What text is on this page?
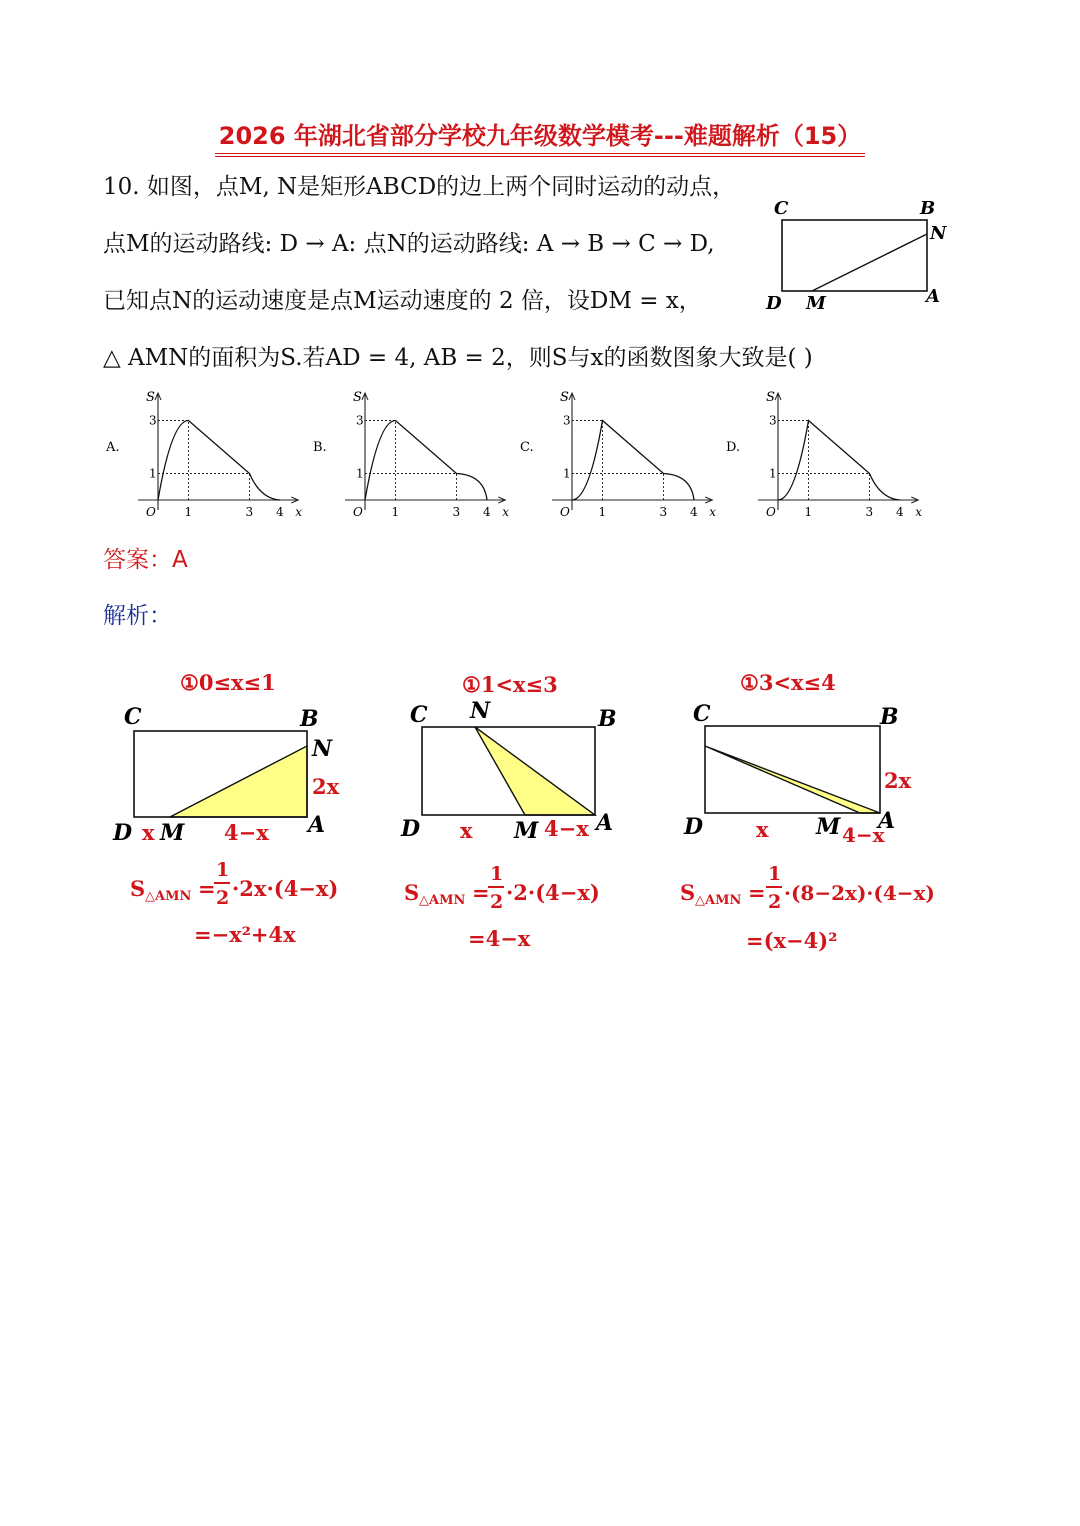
2026 年湖北省部分学校九年级数学模考---难题解析（15）
10. 如图，点M, N是矩形ABCD的边上两个同时运动的动点，
点M的运动路线: D → A: 点N的运动路线: A → B → C → D,
已知点N的运动速度是点M运动速度的 2 倍，设DM = x，
△ AMN的面积为S.若AD = 4, AB = 2，则S与x的函数图象大致是( )
C	B
N
D M	A
A.
S
x
O 1	3 4
3
1
B.
S
x
O 1	3 4
3
1
C.
S
x
O 1	3 4
3
1
D.
S
x
O 1	3 4
3
1
答案：A
解析：
①0≤x≤1
C	B
N
2x
D x M 4−x A
S △AMN =
1
2 ·2x·(4−x)
=−x²+4x
①1<x≤3
C N	B
D x M 4−x A
S △AMN =
1
2 ·2·(4−x)
=4−x
①3<x≤4
C	B
2x
D	x M 4−x
A
S △AMN =
1
2 ·(8−2x)·(4−x)
=(x−4)²
